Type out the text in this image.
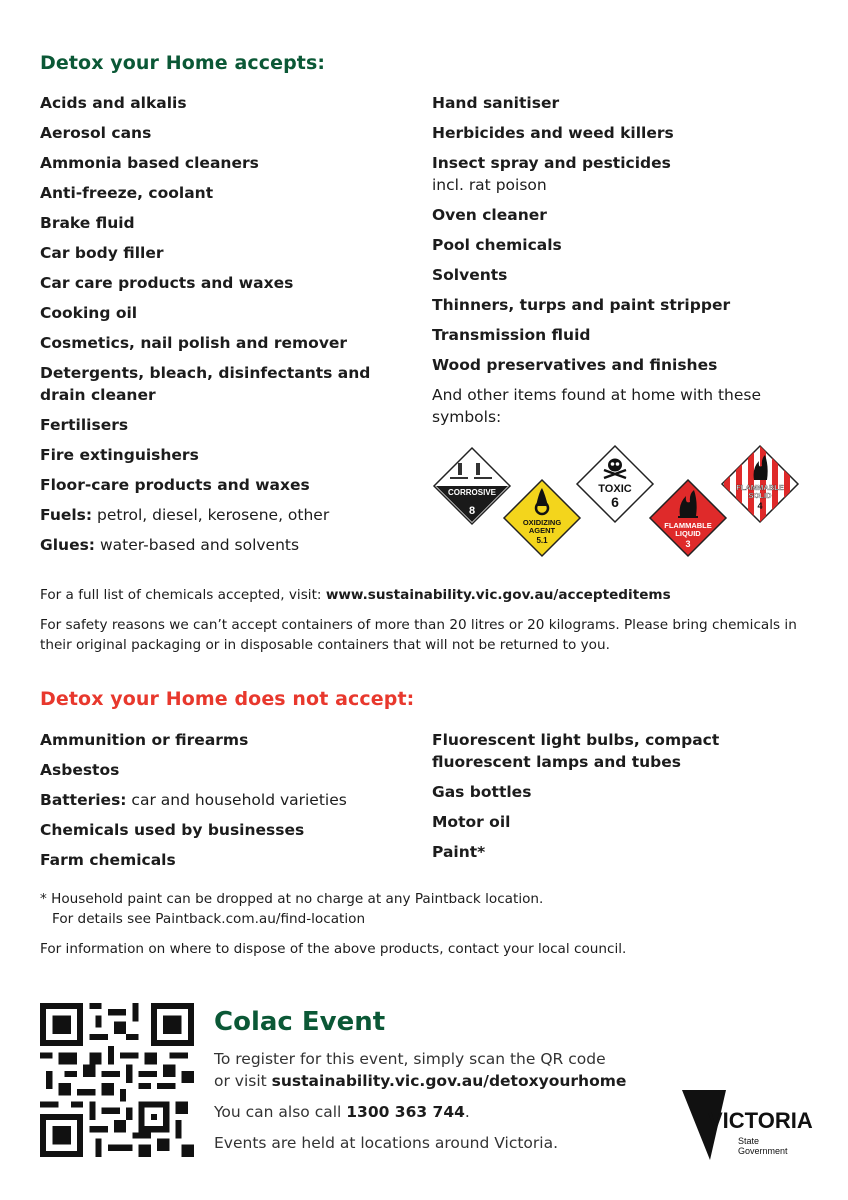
Detox your Home accepts:
Acids and alkalis
Aerosol cans
Ammonia based cleaners
Anti-freeze, coolant
Brake fluid
Car body filler
Car care products and waxes
Cooking oil
Cosmetics, nail polish and remover
Detergents, bleach, disinfectants and drain cleaner
Fertilisers
Fire extinguishers
Floor-care products and waxes
Fuels: petrol, diesel, kerosene, other
Glues: water-based and solvents
Hand sanitiser
Herbicides and weed killers
Insect spray and pesticides
incl. rat poison
Oven cleaner
Pool chemicals
Solvents
Thinners, turps and paint stripper
Transmission fluid
Wood preservatives and finishes
And other items found at home with these symbols:
CORROSIVE
8
OXIDIZING
AGENT
5.1
TOXIC
6
FLAMMABLE
LIQUID
3
FLAMMABLE
SOLID
4
For a full list of chemicals accepted, visit: www.sustainability.vic.gov.au/accepteditems
For safety reasons we can’t accept containers of more than 20 litres or 20 kilograms. Please bring chemicals in their original packaging or in disposable containers that will not be returned to you.
Detox your Home does not accept:
Ammunition or firearms
Asbestos
Batteries: car and household varieties
Chemicals used by businesses
Farm chemicals
Fluorescent light bulbs, compact fluorescent lamps and tubes
Gas bottles
Motor oil
Paint*
* Household paint can be dropped at no charge at any Paintback location.
For details see Paintback.com.au/find-location
For information on where to dispose of the above products, contact your local council.
Colac Event
To register for this event, simply scan the QR code
or visit sustainability.vic.gov.au/detoxyourhome
You can also call 1300 363 744.
Events are held at locations around Victoria.
VICTORIA
State
Government
